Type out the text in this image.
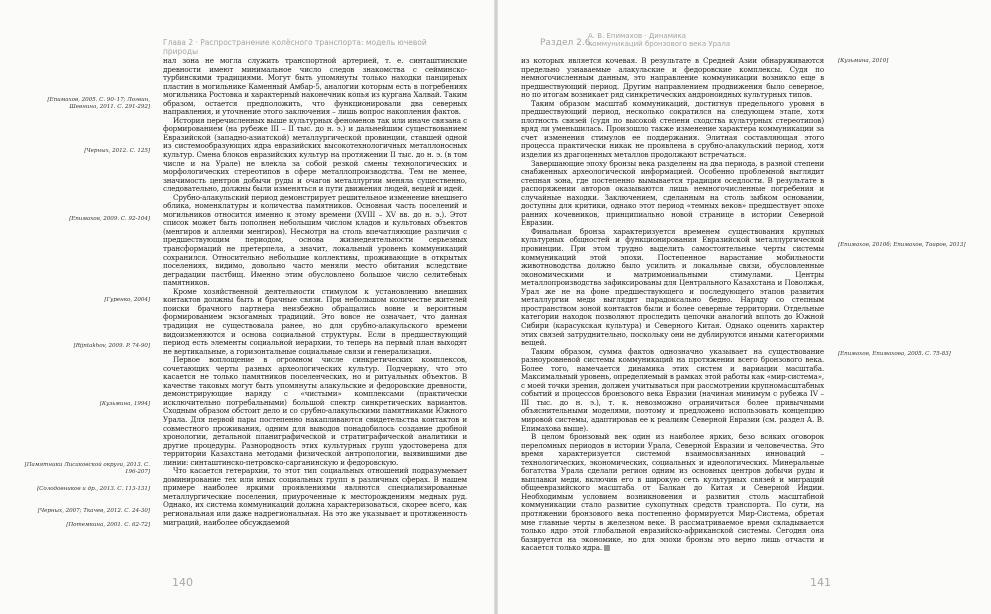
Глава 2 · Распространение колёсного транспорта: модель ючевой природы

нал зона не могла служить транспортной артерией, т. е. синташтинские древности имеют минимальное число следов знакомства с сейминско-турбинскими традициями. Могут быть упомянуты только находки панцирных пластин в могильнике Каменный Амбар-5, аналогии которым есть в погребениях могильника Ростовка и характерный наконечник копья из кургана Халвай. Таким образом, остается предположить, что функционировали два северных направления, и уточнение этого заключения – лишь вопрос накопления фактов.

История перечисленных выше культурных феноменов так или иначе связана с формированием (на рубеже III – II тыс. до н. э.) и дальнейшим существованием Евразийской (западно-азиатской) металлургической провинции, ставшей одной из системообразующих ядра евразийских высокотехнологичных металлоносных культур. Смена блоков евразийских культур на протяжении II тыс. до н. э. (в том числе и на Урале) не влекла за собой резкой смены технологических и морфологических стереотипов в сфере металлопроизводства. Тем не менее, значимость центров добычи руды и очагов металлургии меняла существенно, следовательно, должны были изменяться и пути движения людей, вещей и идей.

Срубно-алакульский период демонстрирует решительное изменение внешнего облика, номенклатуры и количества памятников. Основная часть поселений и могильников относится именно к этому времени (XVIII – XV вв. до н. э.). Этот список может быть пополнен небольшим числом кладов и культовых объектов (менгиров и аллеями менгиров). Несмотря на столь впечатляющие различия с предшествующим периодом, основа жизнедеятельности серьезных трансформаций не претерпела, а значит, локальный уровень коммуникаций сохранился. Относительно небольшие коллективы, проживающие в открытых поселениях, видимо, довольно часто меняли место обитания вследствие деградации пастбищ. Именно этим обусловлено большое число селитебных памятников.

Кроме хозяйственной деятельности стимулом к установлению внешних контактов должны быть и брачные связи. При небольшом количестве жителей поиски брачного партнера неизбежно обращались вовне и вероятным формированием экзогамных традиций. Это вовсе не означает, что данная традиция не существовала ранее, но для срубно-алакульского времени видоизменяются и основа социальной структуры. Если в предшествующий период есть элементы социальной иерархии, то теперь на первый план выходят не вертикальные, а горизонтальные социальные связи и генерализация.

Первое воплощение в огромном числе синкретических комплексов, сочетающих черты разных археологических культур. Подчеркну, что это касается не только памятников поселенческих, но и ритуальных объектов. В качестве таковых могут быть упомянуты алакульские и федоровские древности, демонстрирующие наряду с «чистыми» комплексами (практически исключительно погребальными) большой спектр синкретических вариантов. Сходным образом обстоит дело и со срубно-алакульскими памятниками Южного Урала. Для первой пары постепенно накапливаются свидетельства контактов и совместного проживания, одним для выводов понадобилось создание дробной хронологии, детальной планиграфической и стратиграфической аналитики и другие процедуры. Разнородность этих культурных групп удостоверена для территории Казахстана методами физической антропологии, выявившими две линии: синташтинско-петровско-сарганинскую и федоровскую.

Что касается гетерархии, то этот тип социальных отношений подразумевает доминирование тех или иных социальных групп в различных сферах. В нашем примере наиболее яркими проявлениями являются специализированные металлургические поселения, приуроченные к месторождениям медных руд. Однако, их система коммуникаций должна характеризоваться, скорее всего, как региональная или даже надрегиональная. На это же указывает и протяженность миграций, наиболее обсуждаемой

[Епимахов, 2005. С. 90–17; Логвин, Шевнина, 2011. С. 291-292]
[Черных, 2012. С. 125]
[Епимахов, 2009. С. 92-104]
[Гуренко, 2004]
[Rijntakhov, 2009. P. 74-90]
[Кузьмина, 1994]
[Памятники Лисаковской округи, 2013. С. 196-207]
[Солодовников и др., 2013. С. 113-131]
[Черных, 2007; Ткачев, 2012. С. 24-30]
[Потемкина, 2001. С. 62-72]
140
Раздел 2.6.
А. В. Епимахов · Динамика коммуникаций бронзового века Урала

из которых является кочевая. В результате в Средней Азии обнаруживаются предельно узнаваемые алакульские и федоровские комплексы. Судя по немногочисленным данным, это направление коммуникации возникло еще в предшествующий период. Другим направлением продвижения было северное, но по итогам возникает ряд синкретических андроноидных культурных типов.

Таким образом масштаб коммуникаций, достигнув предельного уровня в предшествующий период, несколько сократился на следующем этапе, хотя плотность связей (судя по высокой степени сходства культурных стереотипов) вряд ли уменьшилась. Произошло также изменение характера коммуникации за счет изменения стимулов ее поддержания. Элитная составляющая этого процесса практически никак не проявлена в срубно-алакульский период, хотя изделия из драгоценных металлов продолжают встречаться.

Завершающие эпоху бронзы века разделены на два периода, в разной степени снабженных археологической информацией. Особенно проблемной выглядит степная зона, где постепенно вымывается традиция оседлости. В результате в распоряжении авторов оказываются лишь немногочисленные погребения и случайные находки. Заключением, сделанным на столь зыбком основании, доступны для критики, однако этот период «темных веков» предшествует эпохе ранних кочевников, принципиально новой странице в истории Северной Евразии.

Финальная бронза характеризуется временем существования крупных культурных общностей и функционирования Евразийской металлургической провинции. При этом трудно выделить самостоятельные черты системы коммуникаций этой эпохи. Постепенное нарастание мобильности животноводства должно было усилить и локальные связи, обусловленные экономическими и матримониальными стимулами. Центры металлопроизводства зафиксированы для Центрального Казахстана и Поволжья, Урал же не на фоне предшествующего и последующего этапов развития металлургии меди выглядит парадоксально бедно. Наряду со степным пространством зоной контактов были и более северные территории. Отдельные категории находок позволяют проследить цепочки аналогий вплоть до Южной Сибири (карасукская культура) и Северного Китая. Однако оценить характер этих связей затруднительно, поскольку они не дублируются иными категориями вещей.

Таким образом, сумма фактов однозначно указывает на существование разноуровневой системы коммуникаций на протяжении всего бронзового века. Более того, намечается динамика этих систем и вариации масштаба. Максимальный уровень, определяемый в рамках этой работы как «мир-система», с моей точки зрения, должен учитываться при рассмотрении крупномасштабных событий и процессов бронзового века Евразии (начиная минимум с рубежа IV – III тыс. до н. э.), т. к. невозможно ограничиться более привычными объяснительными моделями, поэтому и предложено использовать концепцию мировой системы, адаптировав ее к реалиям Северной Евразии (см. раздел А. В. Епимахова выше).

В целом бронзовый век один из наиболее ярких, безо всяких оговорок переломных периодов в истории Урала, Северной Евразии и человечества. Это время характеризуется системой взаимосвязанных инноваций – технологических, экономических, социальных и идеологических. Минеральные богатства Урала сделали регион одним из основных центров добычи руды и выплавки меди, включив его в широкую сеть культурных связей и миграций общеевразийского масштаба от Балкан до Китая и Северной Индии. Необходимым условием возникновения и развития столь масштабной коммуникации стало развитие сухопутных средств транспорта. По сути, на протяжении бронзового века постепенно формируется Мир-Система, обретая мнe главные черты в железном веке. В рассматриваемое время складывается только ядро этой глобальной евразийско-африканской системы. Сегодня она базируется на экономике, но для эпохи бронзы это верно лишь отчасти и касается только ядра.

[Кузьмина, 2010]
[Епимахов, 2010б; Епимахов, Таиров, 2013]
[Епимахов, Епимахова, 2005. С. 75-83]
141
